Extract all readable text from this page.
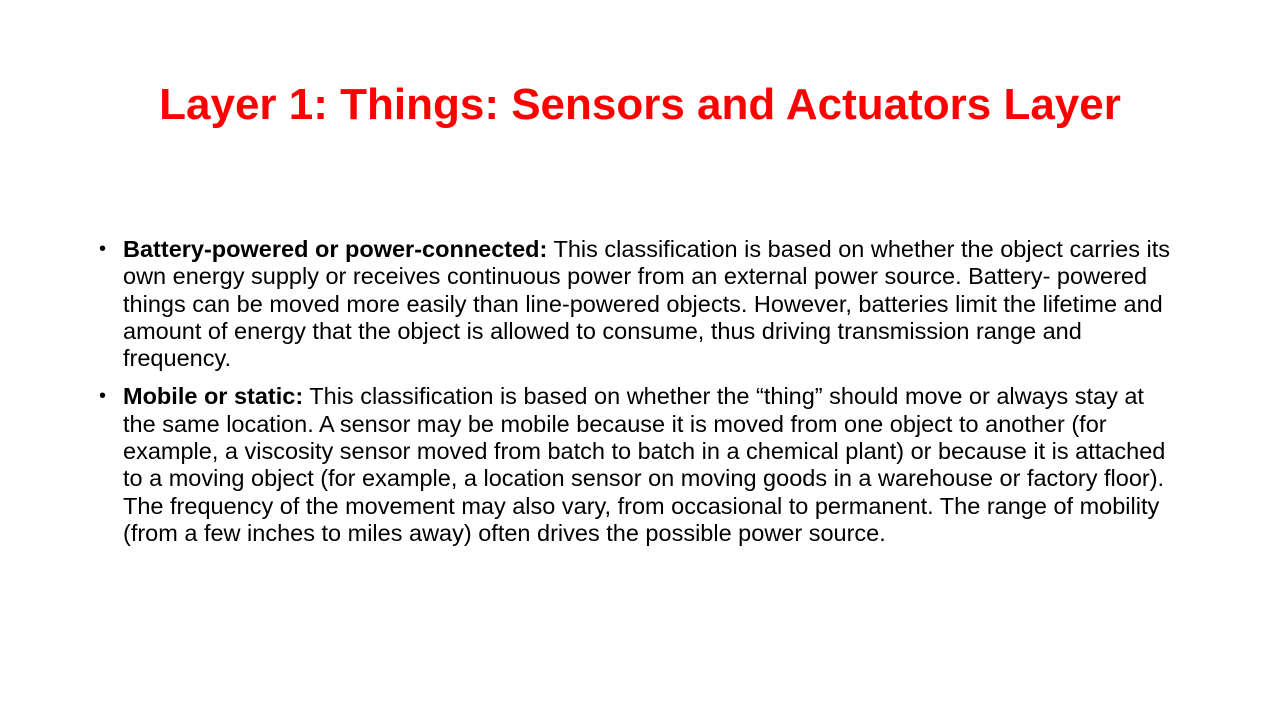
Layer 1: Things: Sensors and Actuators Layer
• Battery-powered or power-connected: This classification is based on whether the object carries its own energy supply or receives continuous power from an external power source. Battery- powered things can be moved more easily than line-powered objects. However, batteries limit the lifetime and amount of energy that the object is allowed to consume, thus driving transmission range and frequency.
• Mobile or static: This classification is based on whether the “thing” should move or always stay at the same location. A sensor may be mobile because it is moved from one object to another (for example, a viscosity sensor moved from batch to batch in a chemical plant) or because it is attached to a moving object (for example, a location sensor on moving goods in a warehouse or factory floor). The frequency of the movement may also vary, from occasional to permanent. The range of mobility (from a few inches to miles away) often drives the possible power source.
